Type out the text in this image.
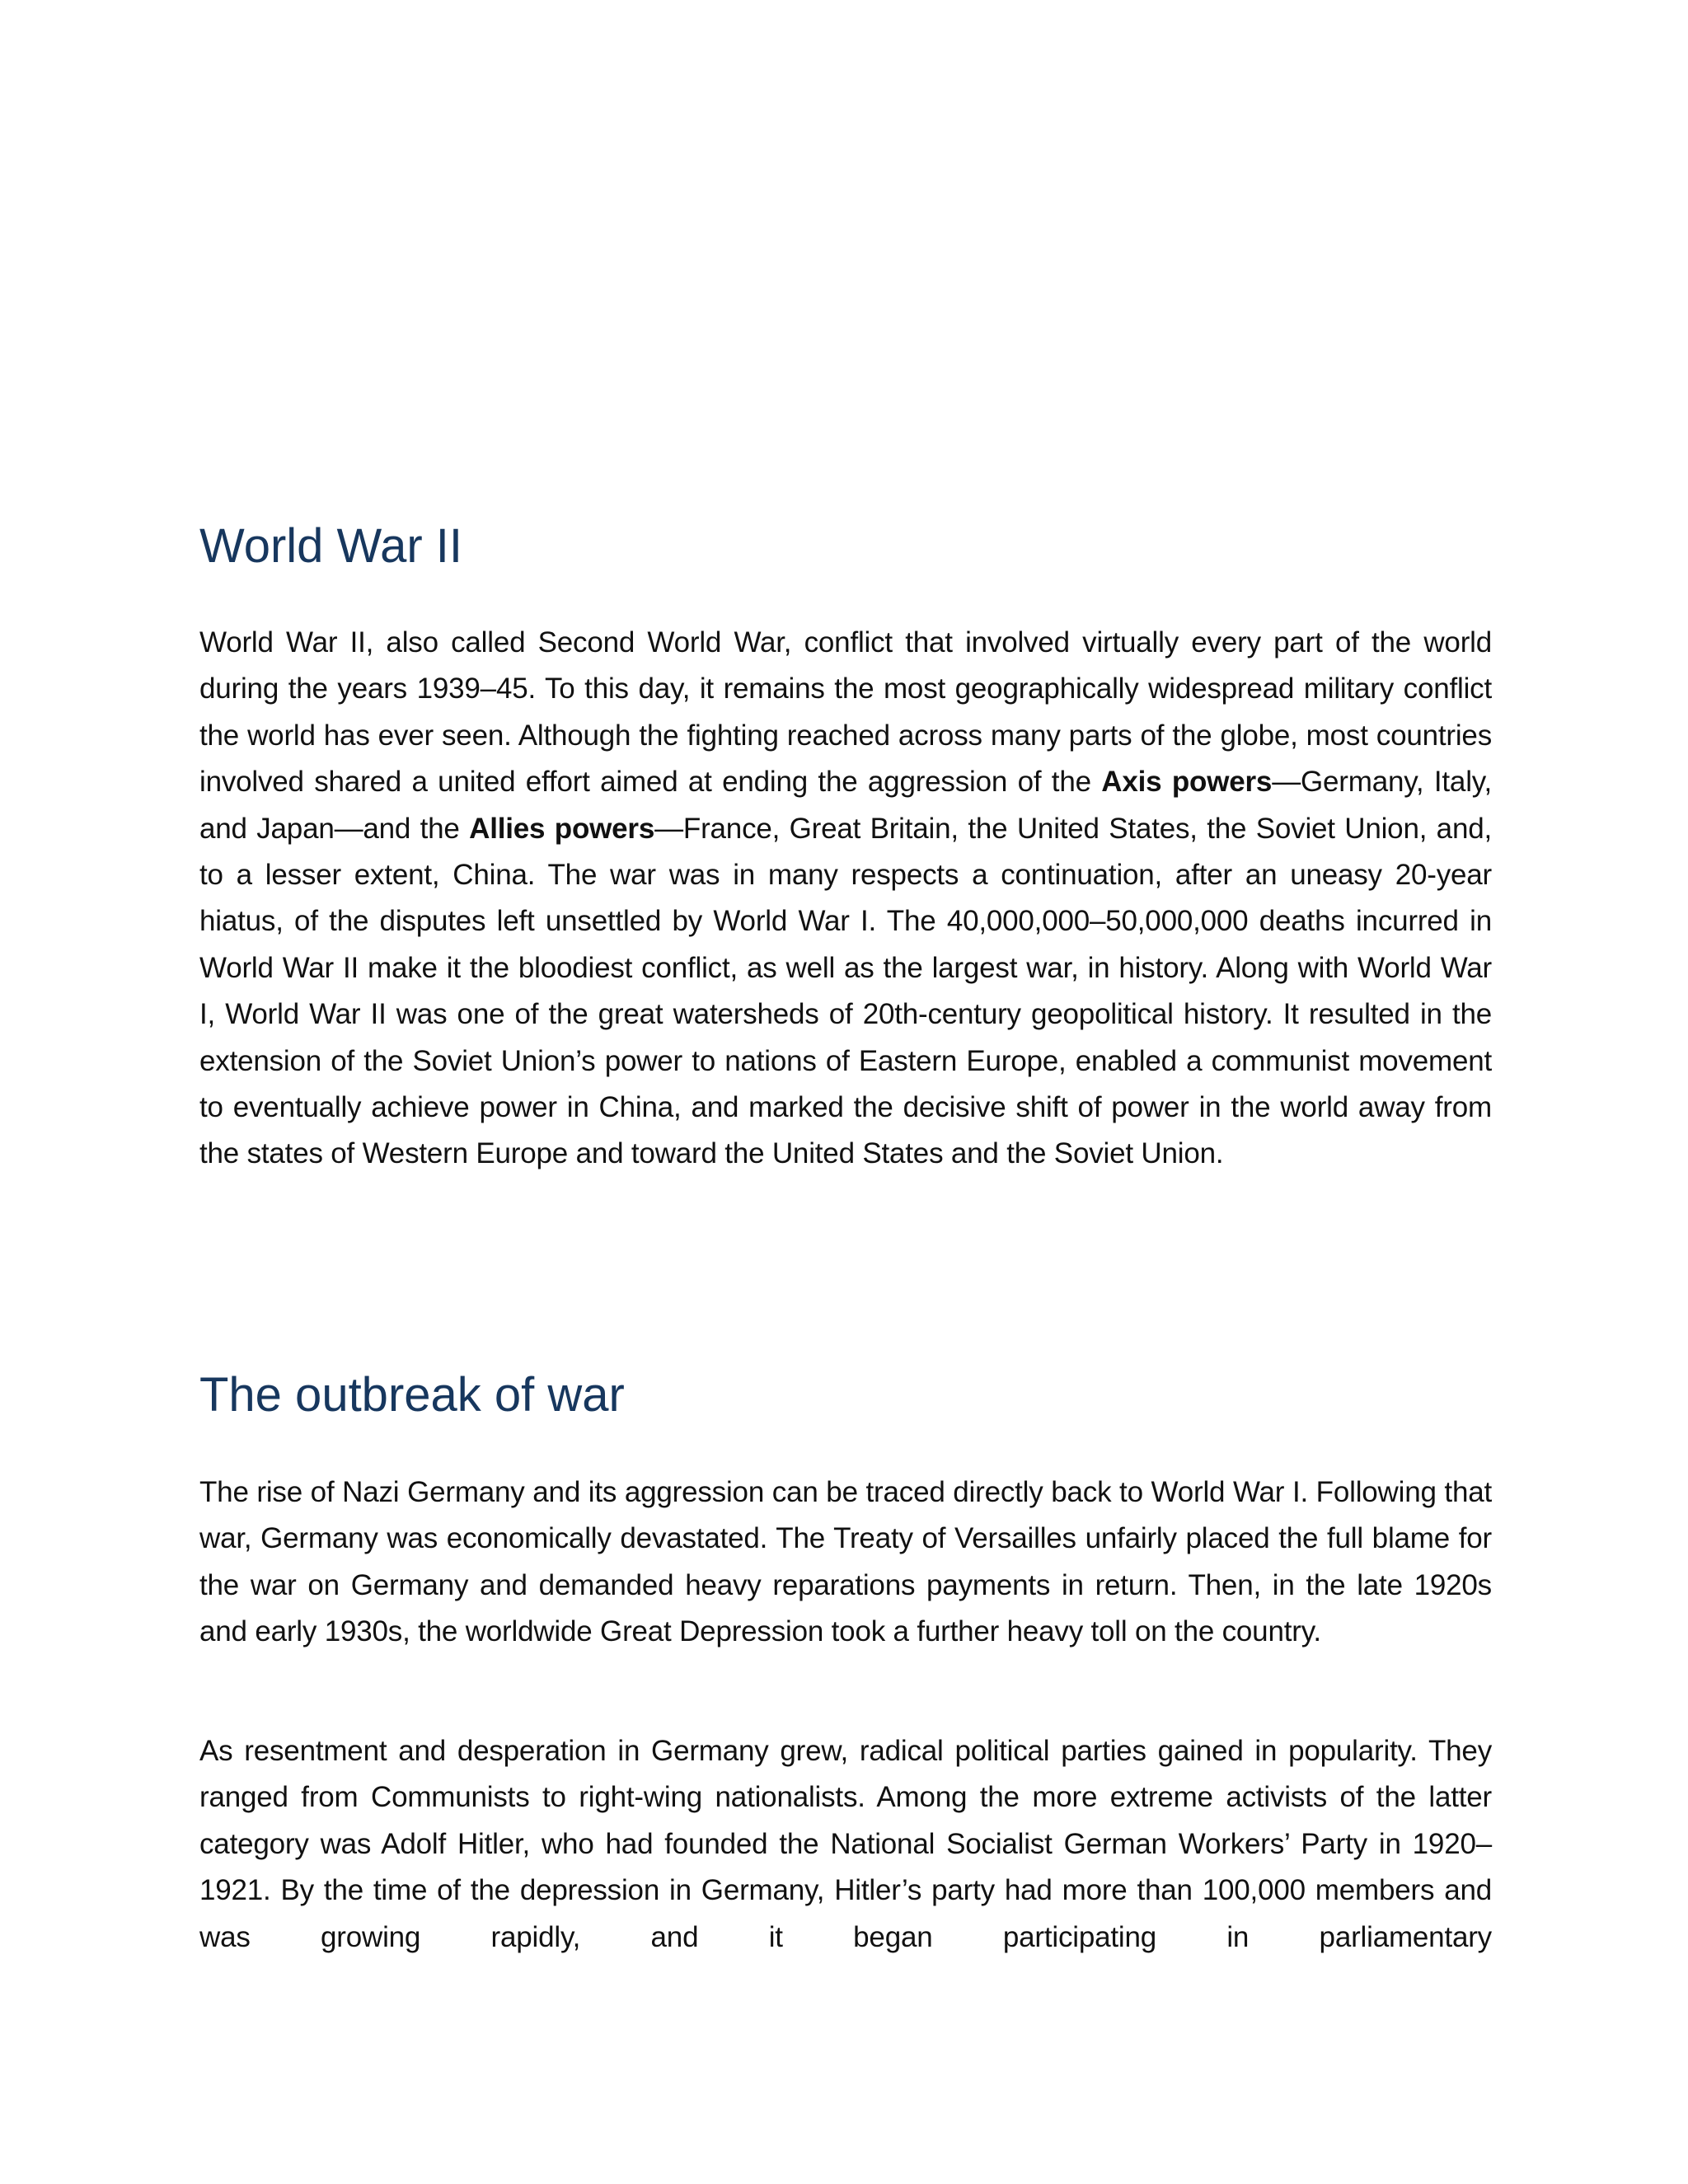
World War II

World War II, also called Second World War, conflict that involved virtually every part of the world during the years 1939–45. To this day, it remains the most geographically widespread military conflict the world has ever seen. Although the fighting reached across many parts of the globe, most countries involved shared a united effort aimed at ending the aggression of the Axis powers—Germany, Italy, and Japan—and the Allies powers—France, Great Britain, the United States, the Soviet Union, and, to a lesser extent, China. The war was in many respects a continuation, after an uneasy 20-year hiatus, of the disputes left unsettled by World War I. The 40,000,000–50,000,000 deaths incurred in World War II make it the bloodiest conflict, as well as the largest war, in history. Along with World War I, World War II was one of the great watersheds of 20th-century geopolitical history. It resulted in the extension of the Soviet Union’s power to nations of Eastern Europe, enabled a communist movement to eventually achieve power in China, and marked the decisive shift of power in the world away from the states of Western Europe and toward the United States and the Soviet Union.

The outbreak of war

The rise of Nazi Germany and its aggression can be traced directly back to World War I. Following that war, Germany was economically devastated. The Treaty of Versailles unfairly placed the full blame for the war on Germany and demanded heavy reparations payments in return. Then, in the late 1920s and early 1930s, the worldwide Great Depression took a further heavy toll on the country.

As resentment and desperation in Germany grew, radical political parties gained in popularity. They ranged from Communists to right-wing nationalists. Among the more extreme activists of the latter category was Adolf Hitler, who had founded the National Socialist German Workers’ Party in 1920–1921. By the time of the depression in Germany, Hitler’s party had more than 100,000 members and was growing rapidly, and it began participating in parliamentary
